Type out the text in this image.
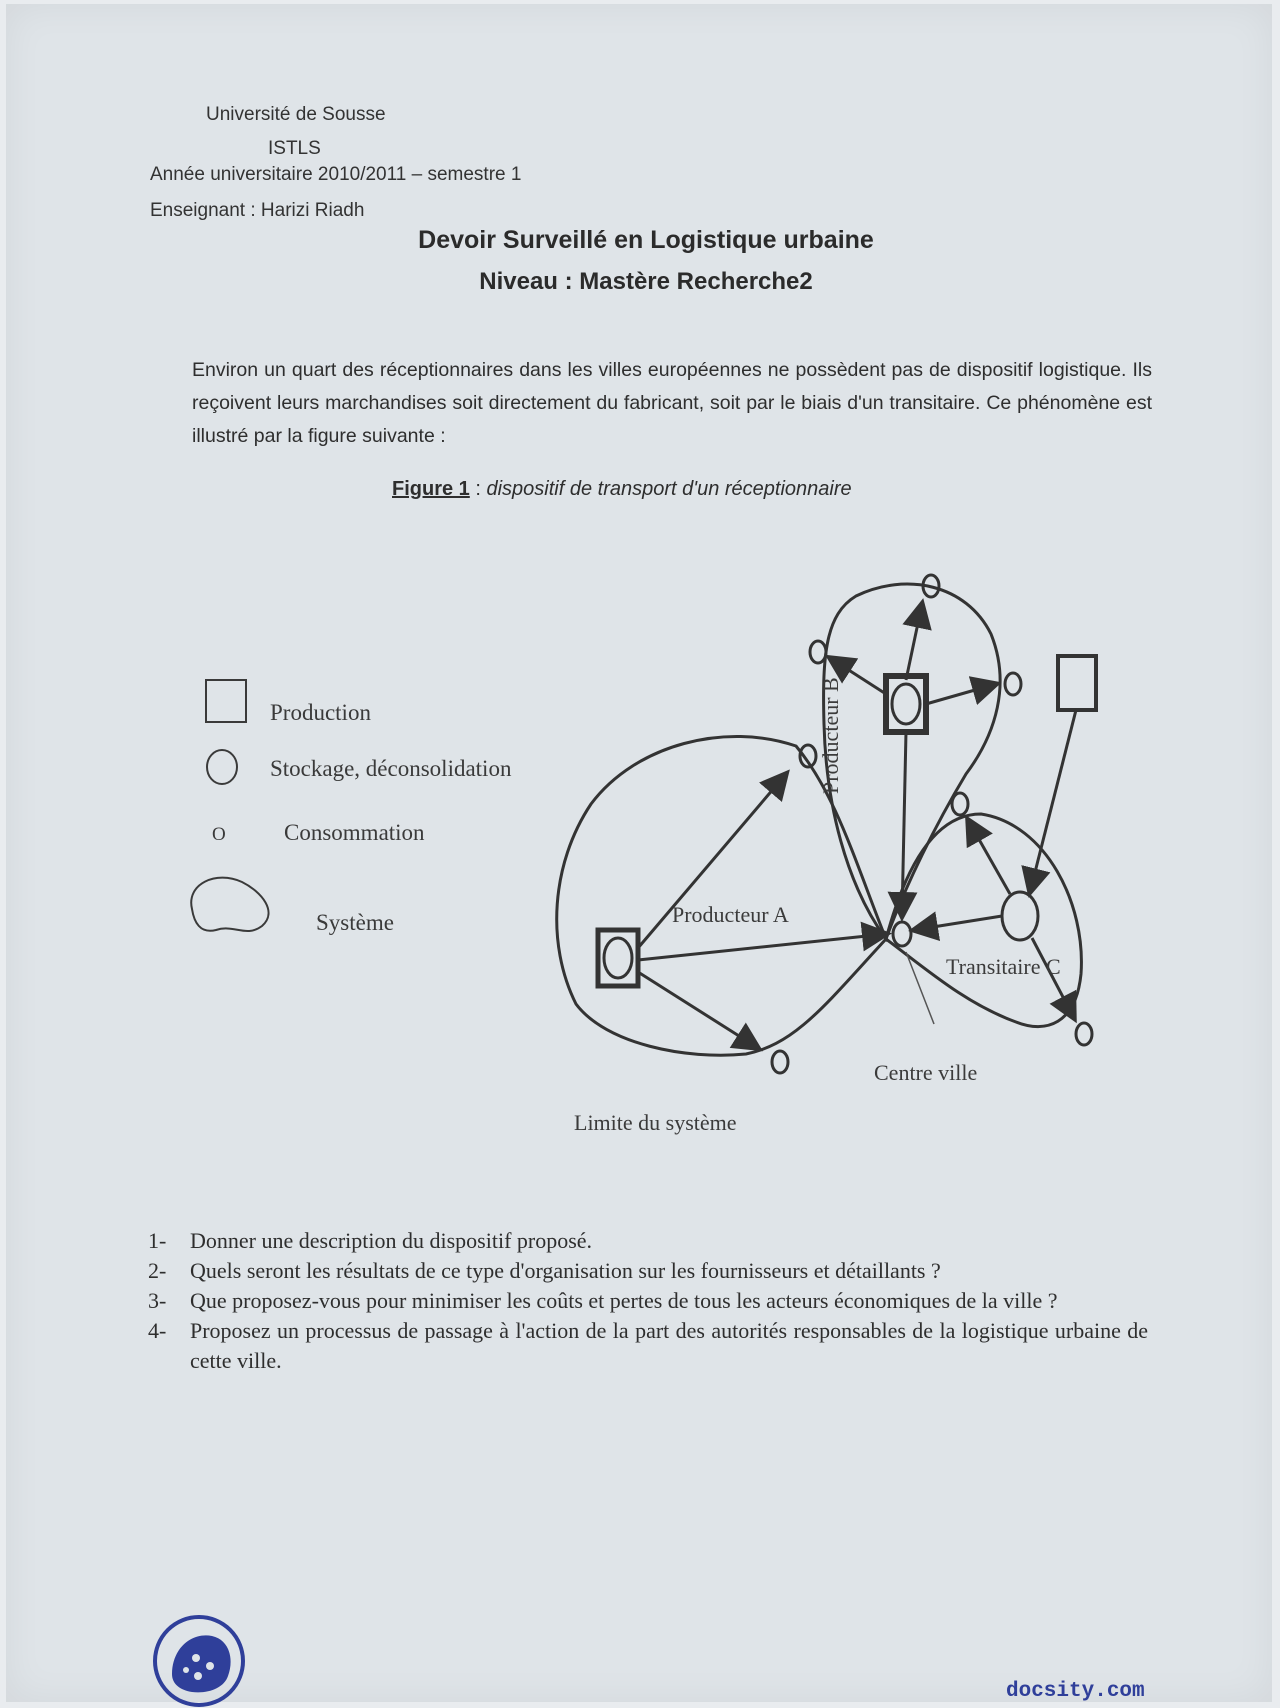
Université de Sousse
ISTLS
Année universitaire 2010/2011 – semestre 1
Enseignant : Harizi Riadh
Devoir Surveillé en Logistique urbaine
Niveau : Mastère Recherche2
Environ un quart des réceptionnaires dans les villes européennes ne possèdent pas de dispositif logistique. Ils reçoivent leurs marchandises soit directement du fabricant, soit par le biais d'un transitaire. Ce phénomène est illustré par la figure suivante :
Figure 1 : dispositif de transport d'un réceptionnaire
Production
Stockage, déconsolidation
O	Consommation
Système	Producteur A
Producteur B
Transitaire C
Centre ville
Limite du système
1- Donner une description du dispositif proposé.
2- Quels seront les résultats de ce type d'organisation sur les fournisseurs et détaillants ?
3- Que proposez-vous pour minimiser les coûts et pertes de tous les acteurs économiques de la ville ?
4- Proposez un processus de passage à l'action de la part des autorités responsables de la logistique urbaine de cette ville.
docsity.com
